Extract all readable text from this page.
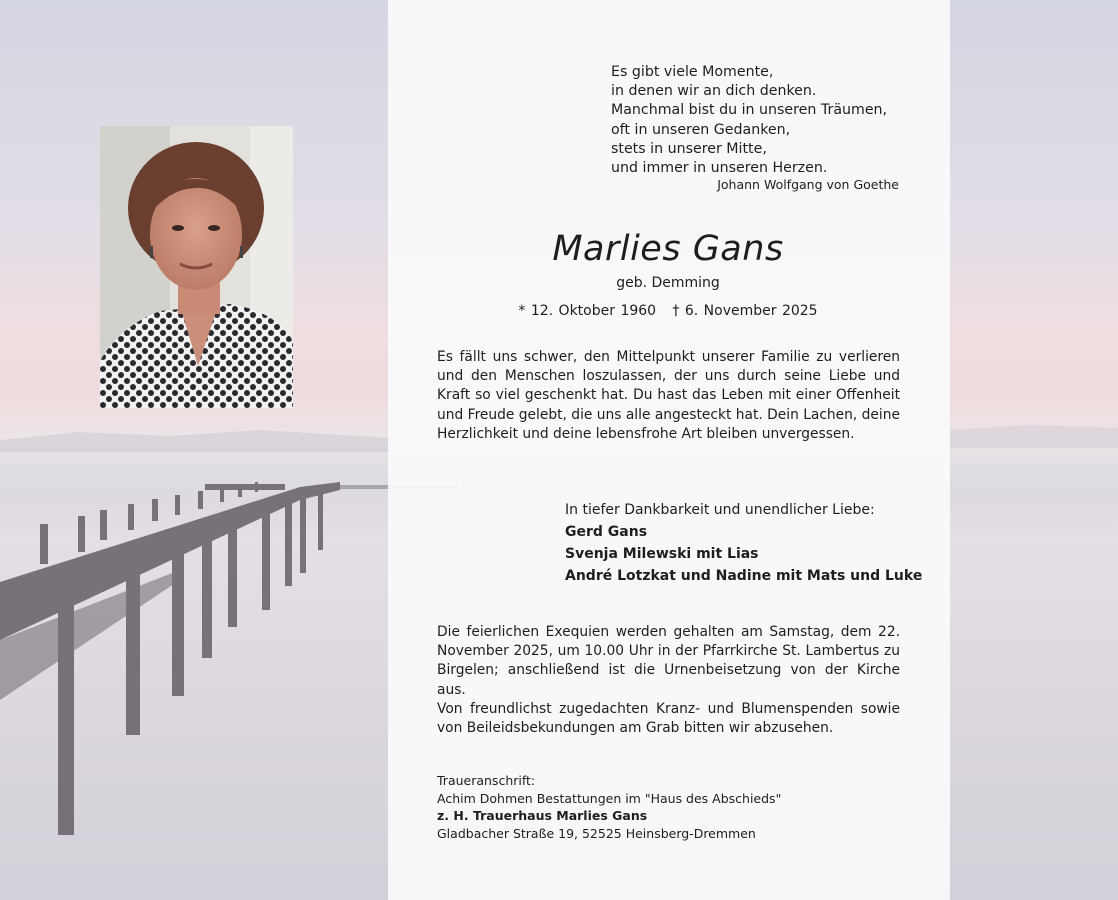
Es gibt viele Momente,
in denen wir an dich denken.
Manchmal bist du in unseren Träumen,
oft in unseren Gedanken,
stets in unserer Mitte,
und immer in unseren Herzen.
Johann Wolfgang von Goethe
Marlies Gans
geb. Demming
* 12. Oktober 1960   † 6. November 2025

Es fällt uns schwer, den Mittelpunkt unserer Familie zu verlieren und den Menschen loszulassen, der uns durch seine Liebe und Kraft so viel geschenkt hat. Du hast das Leben mit einer Offenheit und Freude gelebt, die uns alle angesteckt hat. Dein Lachen, deine Herzlichkeit und deine lebensfrohe Art bleiben unvergessen.

In tiefer Dankbarkeit und unendlicher Liebe:
Gerd Gans
Svenja Milewski mit Lias
André Lotzkat und Nadine mit Mats und Luke

Die feierlichen Exequien werden gehalten am Samstag, dem 22. November 2025, um 10.00 Uhr in der Pfarrkirche St. Lambertus zu Birgelen; anschließend ist die Urnenbeisetzung von der Kirche aus.

Von freundlichst zugedachten Kranz- und Blumenspenden sowie von Beileidsbekundungen am Grab bitten wir abzusehen.

Traueranschrift:
Achim Dohmen Bestattungen im "Haus des Abschieds"
z. H. Trauerhaus Marlies Gans
Gladbacher Straße 19, 52525 Heinsberg-Dremmen
